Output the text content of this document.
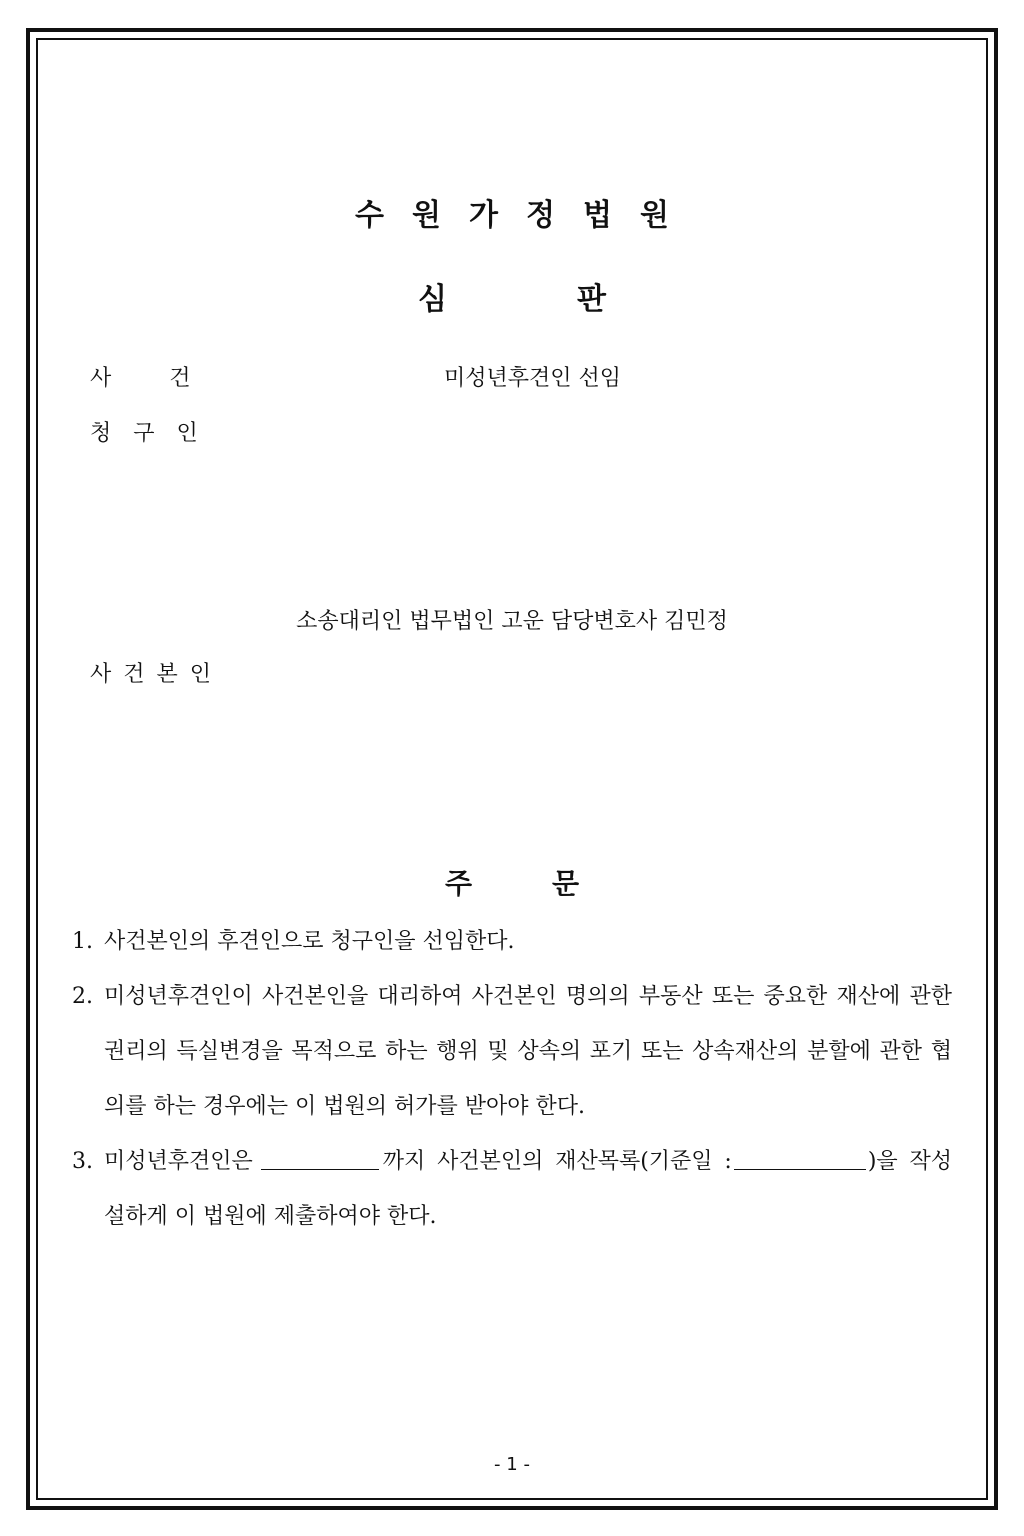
수원가정법원
심판
사건	미성년후견인 선임
청구인
소송대리인 법무법인 고운 담당변호사 김민정
사건본인
주문
1. 사건본인의 후견인으로 청구인을 선임한다.
2. 미성년후견인이 사건본인을 대리하여 사건본인 명의의 부동산 또는 중요한 재산에 관한 권리의 득실변경을 목적으로 하는 행위 및 상속의 포기 또는 상속재산의 분할에 관한 협의를 하는 경우에는 이 법원의 허가를 받아야 한다.
3. 미성년후견인은	까지 사건본인의 재산목록(기준일 :	)을 작성설하게 이 법원에 제출하여야 한다.
- 1 -
